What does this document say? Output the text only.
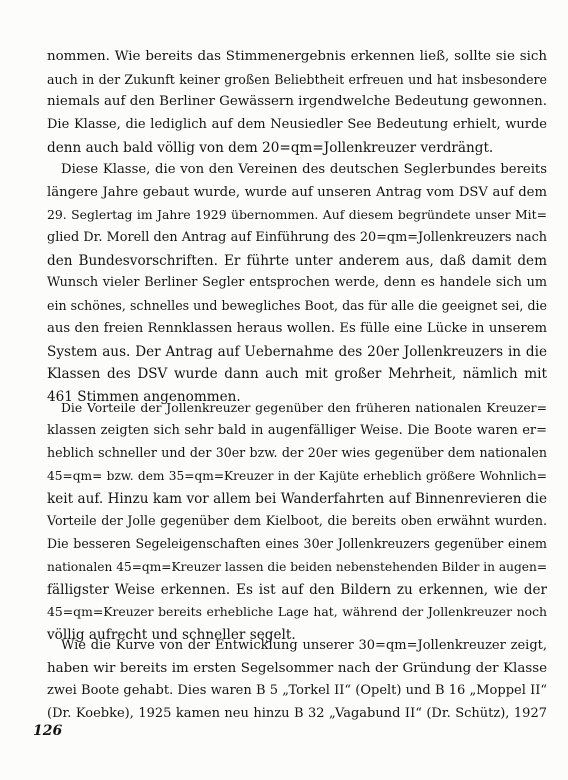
nommen. Wie bereits das Stimmenergebnis erkennen ließ, sollte sie sich
auch in der Zukunft keiner großen Beliebtheit erfreuen und hat insbesondere
niemals auf den Berliner Gewässern irgendwelche Bedeutung gewonnen.
Die Klasse, die lediglich auf dem Neusiedler See Bedeutung erhielt, wurde
denn auch bald völlig von dem 20=qm=Jollenkreuzer verdrängt.
Diese Klasse, die von den Vereinen des deutschen Seglerbundes bereits
längere Jahre gebaut wurde, wurde auf unseren Antrag vom DSV auf dem
29. Seglertag im Jahre 1929 übernommen. Auf diesem begründete unser Mit=
glied Dr. Morell den Antrag auf Einführung des 20=qm=Jollenkreuzers nach
den Bundesvorschriften. Er führte unter anderem aus, daß damit dem
Wunsch vieler Berliner Segler entsprochen werde, denn es handele sich um
ein schönes, schnelles und bewegliches Boot, das für alle die geeignet sei, die
aus den freien Rennklassen heraus wollen. Es fülle eine Lücke in unserem
System aus. Der Antrag auf Uebernahme des 20er Jollenkreuzers in die
Klassen des DSV wurde dann auch mit großer Mehrheit, nämlich mit
461 Stimmen angenommen.
Die Vorteile der Jollenkreuzer gegenüber den früheren nationalen Kreuzer=
klassen zeigten sich sehr bald in augenfälliger Weise. Die Boote waren er=
heblich schneller und der 30er bzw. der 20er wies gegenüber dem nationalen
45=qm= bzw. dem 35=qm=Kreuzer in der Kajüte erheblich größere Wohnlich=
keit auf. Hinzu kam vor allem bei Wanderfahrten auf Binnenrevieren die
Vorteile der Jolle gegenüber dem Kielboot, die bereits oben erwähnt wurden.
Die besseren Segeleigenschaften eines 30er Jollenkreuzers gegenüber einem
nationalen 45=qm=Kreuzer lassen die beiden nebenstehenden Bilder in augen=
fälligster Weise erkennen. Es ist auf den Bildern zu erkennen, wie der
45=qm=Kreuzer bereits erhebliche Lage hat, während der Jollenkreuzer noch
völlig aufrecht und schneller segelt.
Wie die Kurve von der Entwicklung unserer 30=qm=Jollenkreuzer zeigt,
haben wir bereits im ersten Segelsommer nach der Gründung der Klasse
zwei Boote gehabt. Dies waren B 5 „Torkel II“ (Opelt) und B 16 „Moppel II“
(Dr. Koebke), 1925 kamen neu hinzu B 32 „Vagabund II“ (Dr. Schütz), 1927

126
